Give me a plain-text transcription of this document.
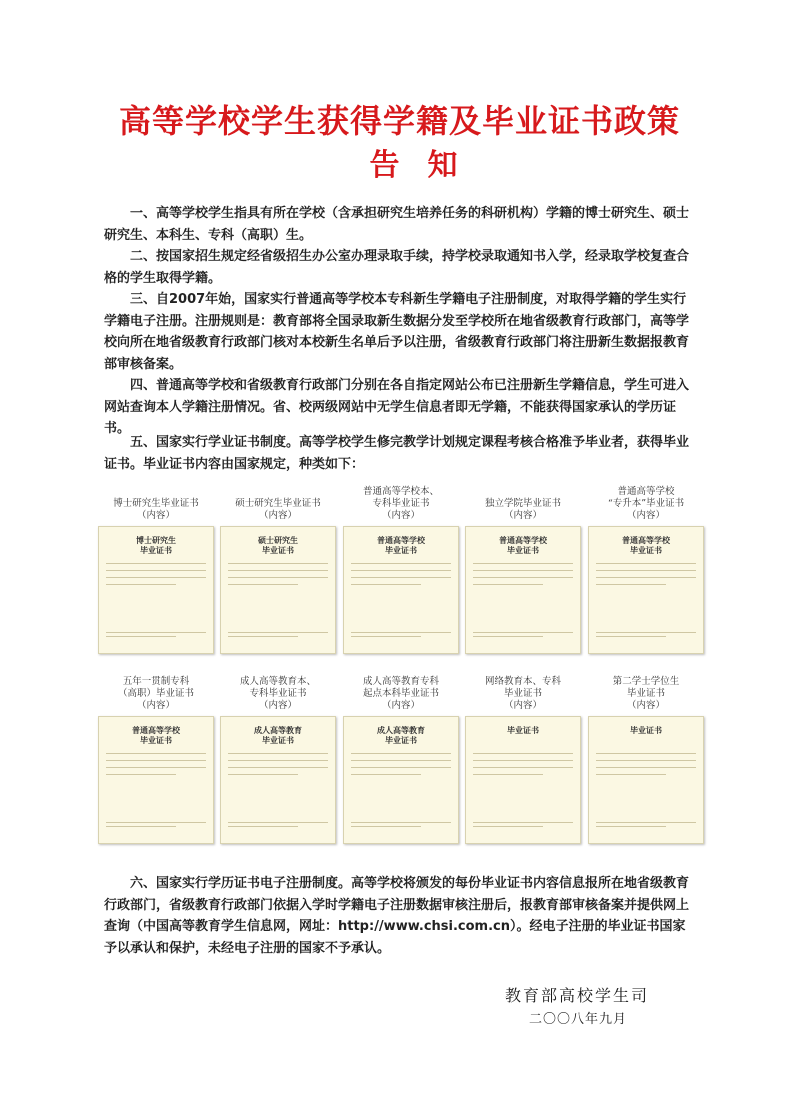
高等学校学生获得学籍及毕业证书政策
告知

一、高等学校学生指具有所在学校（含承担研究生培养任务的科研机构）学籍的博士研究生、硕士研究生、本科生、专科（高职）生。

二、按国家招生规定经省级招生办公室办理录取手续，持学校录取通知书入学，经录取学校复查合格的学生取得学籍。

三、自2007年始，国家实行普通高等学校本专科新生学籍电子注册制度，对取得学籍的学生实行学籍电子注册。注册规则是：教育部将全国录取新生数据分发至学校所在地省级教育行政部门，高等学校向所在地省级教育行政部门核对本校新生名单后予以注册，省级教育行政部门将注册新生数据报教育部审核备案。

四、普通高等学校和省级教育行政部门分别在各自指定网站公布已注册新生学籍信息，学生可进入网站查询本人学籍注册情况。省、校两级网站中无学生信息者即无学籍，不能获得国家承认的学历证书。

五、国家实行学业证书制度。高等学校学生修完教学计划规定课程考核合格准予毕业者，获得毕业证书。毕业证书内容由国家规定，种类如下：

博士研究生毕业证书
（内容）
博士研究生
毕业证书
硕士研究生毕业证书
（内容）
硕士研究生
毕业证书
普通高等学校本、
专科毕业证书
（内容）
普通高等学校
毕业证书
独立学院毕业证书
（内容）
普通高等学校
毕业证书
普通高等学校
“专升本”毕业证书
（内容）
普通高等学校
毕业证书
五年一贯制专科
（高职）毕业证书
（内容）
普通高等学校
毕业证书
成人高等教育本、
专科毕业证书
（内容）
成人高等教育
毕业证书
成人高等教育专科
起点本科毕业证书
（内容）
成人高等教育
毕业证书
网络教育本、专科
毕业证书
（内容）
毕业证书
第二学士学位生
毕业证书
（内容）
毕业证书

六、国家实行学历证书电子注册制度。高等学校将颁发的每份毕业证书内容信息报所在地省级教育行政部门，省级教育行政部门依据入学时学籍电子注册数据审核注册后，报教育部审核备案并提供网上查询（中国高等教育学生信息网，网址：http://www.chsi.com.cn）。经电子注册的毕业证书国家予以承认和保护，未经电子注册的国家不予承认。

教育部高校学生司

二〇〇八年九月
